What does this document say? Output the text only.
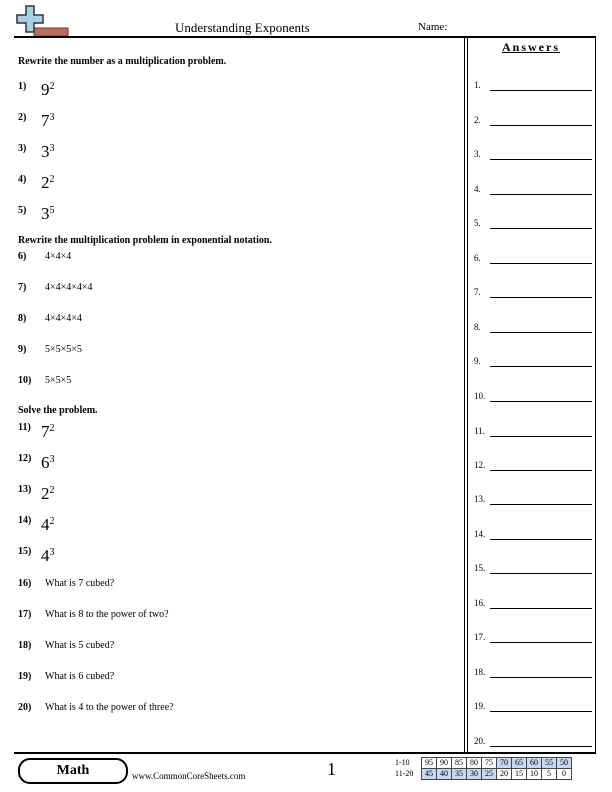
Understanding Exponents	Name:
Rewrite the number as a multiplication problem.
Rewrite the multiplication problem in exponential notation.
Solve the problem.
1) $9^2$
2) $7^3$
3) $3^3$
4) $2^2$
5) $3^5$
6)	4×4×4
7)	4×4×4×4×4
8)	4×4×4×4
9)	5×5×5×5
10)	5×5×5
11) $7^2$
12) $6^3$
13) $2^2$
14) $4^2$
15) $4^3$
16)	What is 7 cubed?
17)	What is 8 to the power of two?
18)	What is 5 cubed?
19)	What is 6 cubed?
20)	What is 4 to the power of three?
Answers
1.
2.
3.
4.
5.
6.
7.
8.
9.
10.
11.
12.
13.
14.
15.
16.
17.
18.
19.
20.
Math	www.CommonCoreSheets.com	1	1-10	95	90	85	80	75	70	65	60	55	50
11-20	45	40	35	30	25	20	15	10	5	0
